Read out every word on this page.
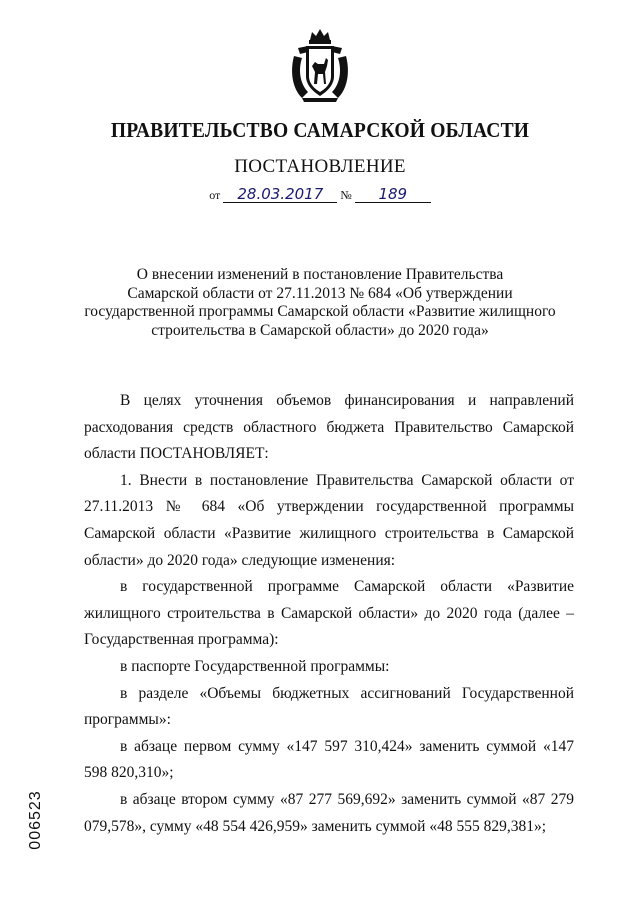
ПРАВИТЕЛЬСТВО САМАРСКОЙ ОБЛАСТИ
ПОСТАНОВЛЕНИЕ
от 28.03.2017 № 189
О внесении изменений в постановление Правительства
Самарской области от 27.11.2013 № 684 «Об утверждении
государственной программы Самарской области «Развитие жилищного
строительства в Самарской области» до 2020 года»

В целях уточнения объемов финансирования и направлений расходования средств областного бюджета Правительство Самарской области ПОСТАНОВЛЯЕТ:

1. Внести в постановление Правительства Самарской области от 27.11.2013 № 684 «Об утверждении государственной программы Самарской области «Развитие жилищного строительства в Самарской области» до 2020 года» следующие изменения:

в государственной программе Самарской области «Развитие жилищного строительства в Самарской области» до 2020 года (далее – Государственная программа):

в паспорте Государственной программы:

в разделе «Объемы бюджетных ассигнований Государственной программы»:

в абзаце первом сумму «147 597 310,424» заменить суммой «147 598 820,310»;

в абзаце втором сумму «87 277 569,692» заменить суммой «87 279 079,578», сумму «48 554 426,959» заменить суммой «48 555 829,381»;

006523
